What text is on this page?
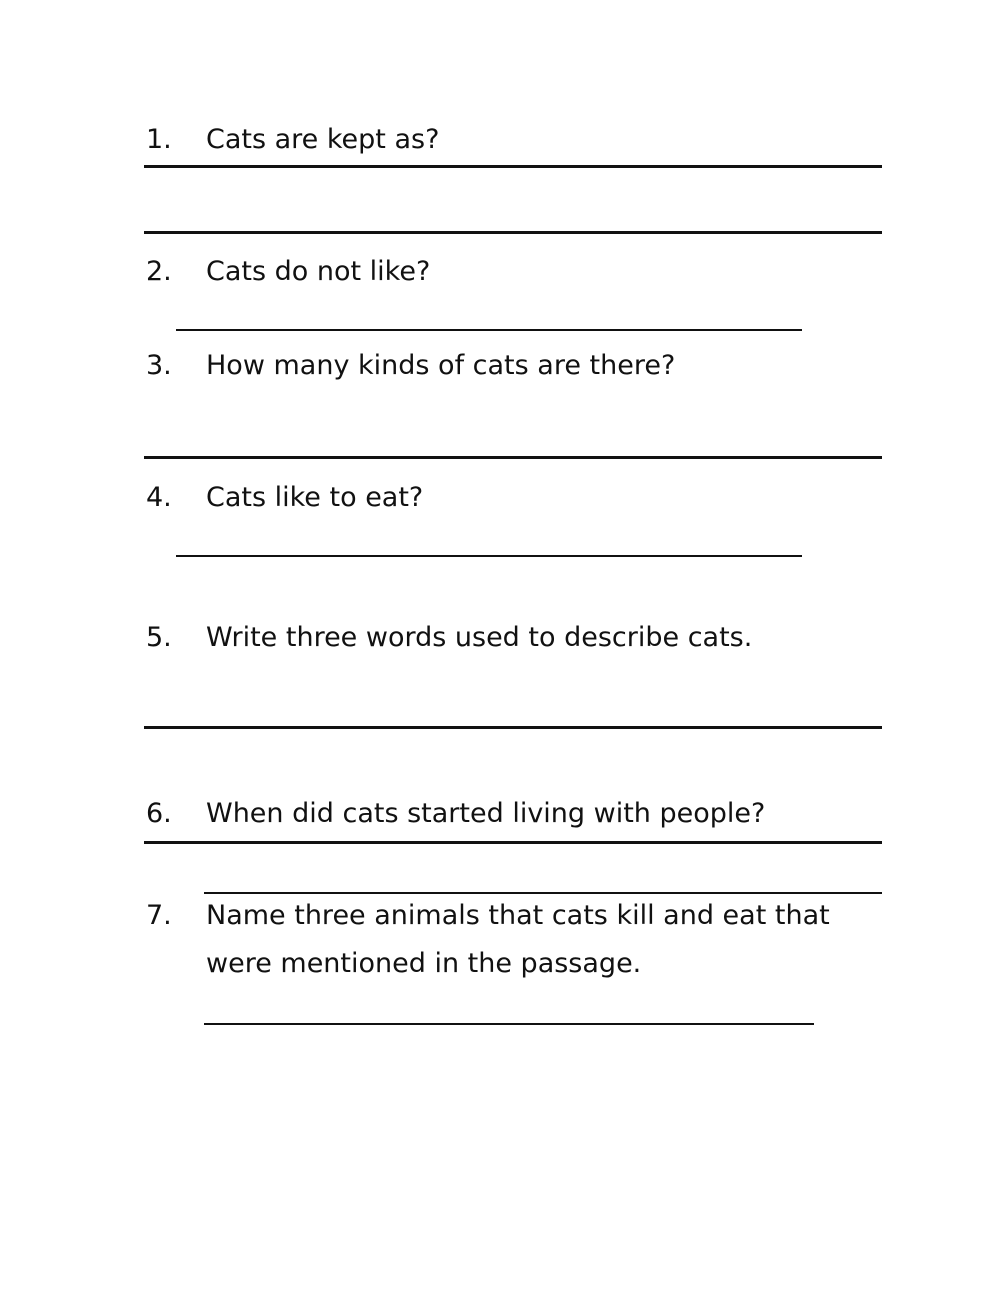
1. Cats are kept as?
2. Cats do not like?
3. How many kinds of cats are there?
4. Cats like to eat?
5. Write three words used to describe cats.
6. When did cats started living with people?
7. Name three animals that cats kill and eat that
were mentioned in the passage.
